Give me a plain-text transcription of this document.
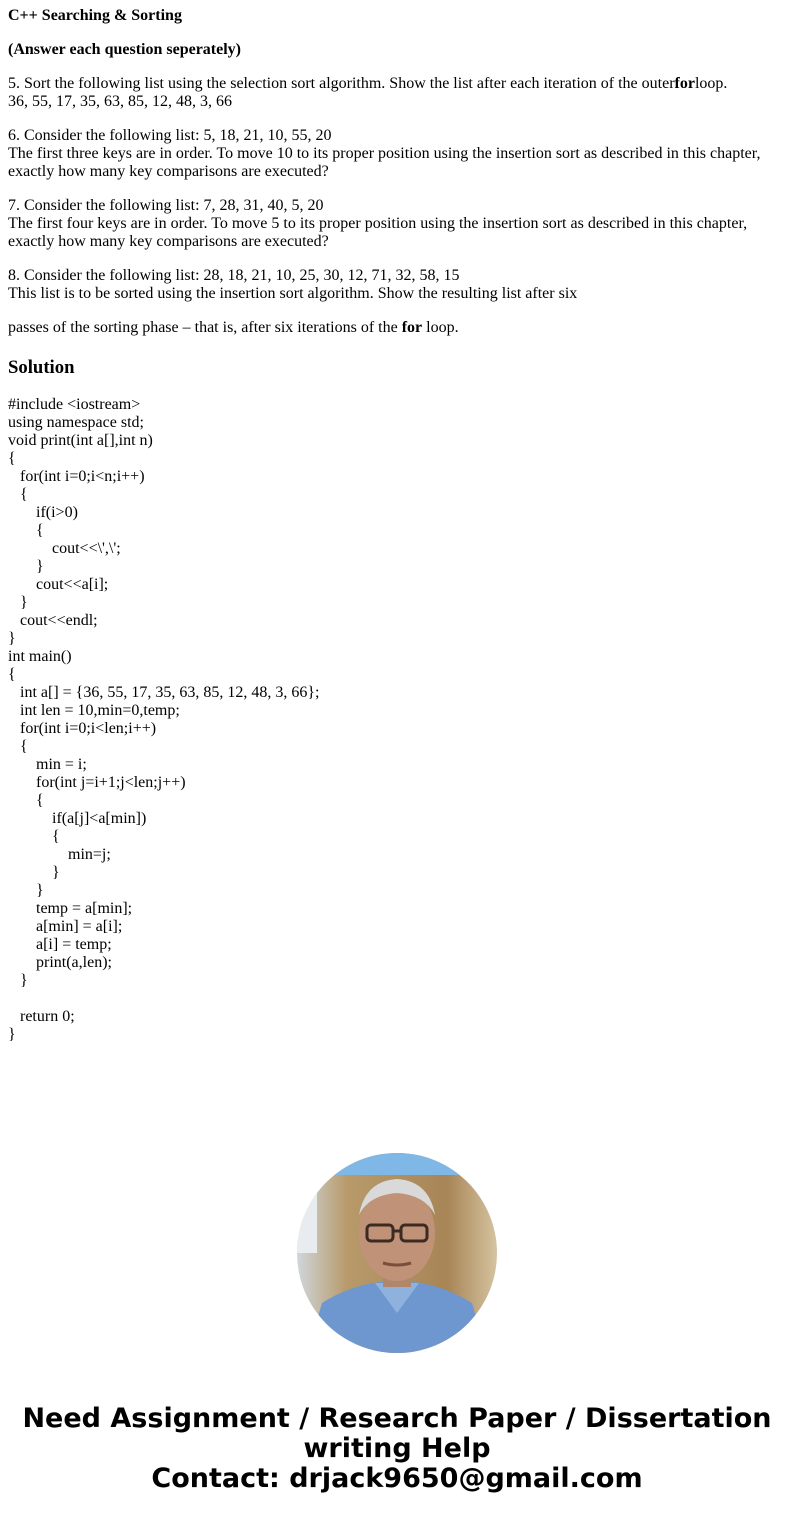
C++ Searching & Sorting
(Answer each question seperately)
5. Sort the following list using the selection sort algorithm. Show the list after each iteration of the outerforloop.
36, 55, 17, 35, 63, 85, 12, 48, 3, 66
6. Consider the following list: 5, 18, 21, 10, 55, 20
The first three keys are in order. To move 10 to its proper position using the insertion sort as described in this chapter,
exactly how many key comparisons are executed?
7. Consider the following list: 7, 28, 31, 40, 5, 20
The first four keys are in order. To move 5 to its proper position using the insertion sort as described in this chapter,
exactly how many key comparisons are executed?
8. Consider the following list: 28, 18, 21, 10, 25, 30, 12, 71, 32, 58, 15
This list is to be sorted using the insertion sort algorithm. Show the resulting list after six
passes of the sorting phase – that is, after six iterations of the for loop.
Solution
#include <iostream>
using namespace std;
void print(int a[],int n)
{
for(int i=0;i<n;i++)
{
if(i>0)
{
cout<<\',\';
}
cout<<a[i];
}
cout<<endl;
}
int main()
{
int a[] = {36, 55, 17, 35, 63, 85, 12, 48, 3, 66};
int len = 10,min=0,temp;
for(int i=0;i<len;i++)
{
min = i;
for(int j=i+1;j<len;j++)
{
if(a[j]<a[min])
{
min=j;
}
}
temp = a[min];
a[min] = a[i];
a[i] = temp;
print(a,len);
}
return 0;
}
Need Assignment / Research Paper / Dissertation
writing Help
Contact: drjack9650@gmail.com
